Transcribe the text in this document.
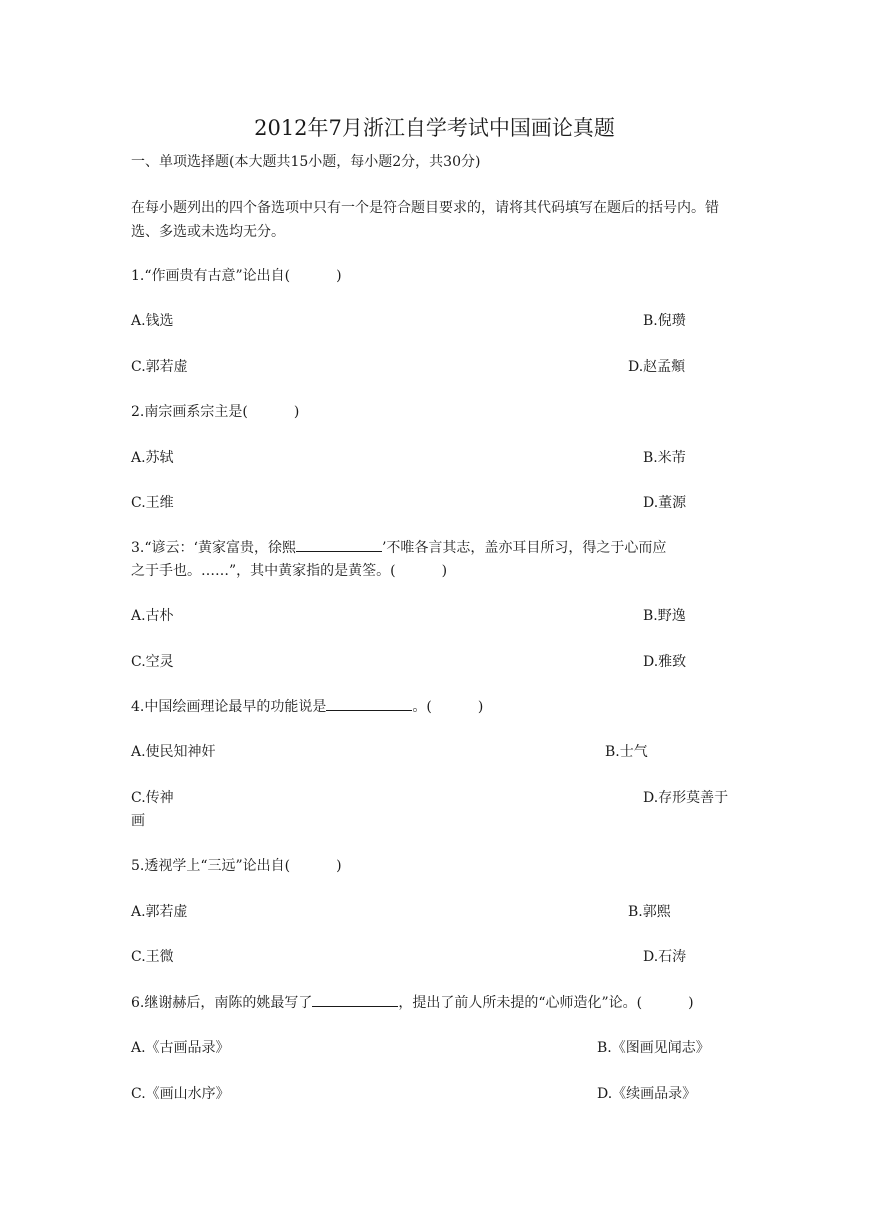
2012年7月浙江自学考试中国画论真题
一、单项选择题(本大题共15小题，每小题2分，共30分)
在每小题列出的四个备选项中只有一个是符合题目要求的，请将其代码填写在题后的括号内。错选、多选或未选均无分。
1.“作画贵有古意”论出自(	)
A.钱选	B.倪瓒
C.郭若虚	D.赵孟頫
2.南宗画系宗主是(	)
A.苏轼	B.米芾
C.王维	D.董源
3.“谚云：‘黄家富贵，徐熙	’不唯各言其志，盖亦耳目所习，得之于心而应
之于手也。……”，其中黄家指的是黄筌。(	)
A.古朴	B.野逸
C.空灵	D.雅致
4.中国绘画理论最早的功能说是	。(	)
A.使民知神奸	B.士气
C.传神	D.存形莫善于
画
5.透视学上“三远”论出自(	)
A.郭若虚	B.郭熙
C.王微	D.石涛
6.继谢赫后，南陈的姚最写了	，提出了前人所未提的“心师造化”论。(	)
A.《古画品录》	B.《图画见闻志》
C.《画山水序》	D.《续画品录》
